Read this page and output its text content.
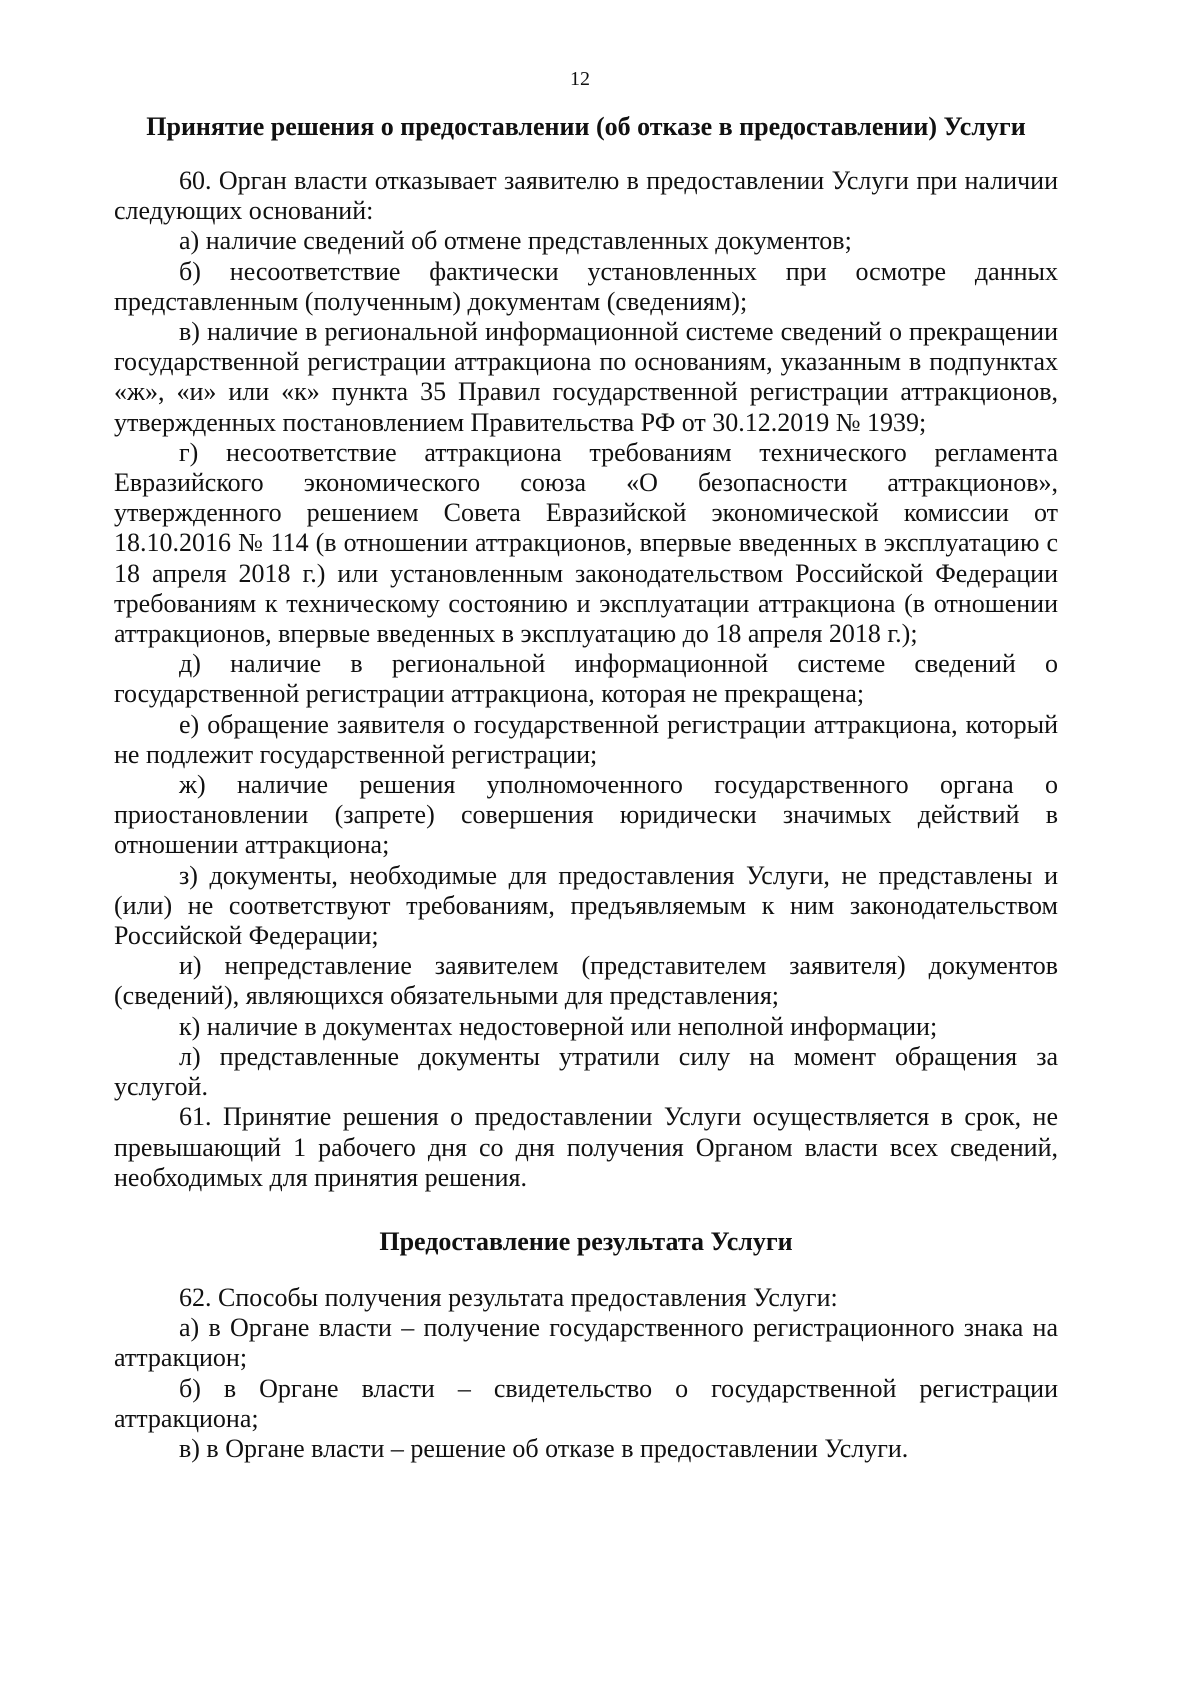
12
Принятие решения о предоставлении (об отказе в предоставлении) Услуги

60. Орган власти отказывает заявителю в предоставлении Услуги при наличии следующих оснований:

а) наличие сведений об отмене представленных документов;

б) несоответствие фактически установленных при осмотре данных представленным (полученным) документам (сведениям);

в) наличие в региональной информационной системе сведений о прекращении государственной регистрации аттракциона по основаниям, указанным в подпунктах «ж», «и» или «к» пункта 35 Правил государственной регистрации аттракционов, утвержденных постановлением Правительства РФ от 30.12.2019 № 1939;

г) несоответствие аттракциона требованиям технического регламента Евразийского экономического союза «О безопасности аттракционов», утвержденного решением Совета Евразийской экономической комиссии от 18.10.2016 № 114 (в отношении аттракционов, впервые введенных в эксплуатацию с 18 апреля 2018 г.) или установленным законодательством Российской Федерации требованиям к техническому состоянию и эксплуатации аттракциона (в отношении аттракционов, впервые введенных в эксплуатацию до 18 апреля 2018 г.);

д) наличие в региональной информационной системе сведений о государственной регистрации аттракциона, которая не прекращена;

е) обращение заявителя о государственной регистрации аттракциона, который не подлежит государственной регистрации;

ж) наличие решения уполномоченного государственного органа о приостановлении (запрете) совершения юридически значимых действий в отношении аттракциона;

з) документы, необходимые для предоставления Услуги, не представлены и (или) не соответствуют требованиям, предъявляемым к ним законодательством Российской Федерации;

и) непредставление заявителем (представителем заявителя) документов (сведений), являющихся обязательными для представления;

к) наличие в документах недостоверной или неполной информации;

л) представленные документы утратили силу на момент обращения за услугой.

61. Принятие решения о предоставлении Услуги осуществляется в срок, не превышающий 1 рабочего дня со дня получения Органом власти всех сведений, необходимых для принятия решения.

Предоставление результата Услуги

62. Способы получения результата предоставления Услуги:

а) в Органе власти – получение государственного регистрационного знака на аттракцион;

б) в Органе власти – свидетельство о государственной регистрации аттракциона;

в) в Органе власти – решение об отказе в предоставлении Услуги.
